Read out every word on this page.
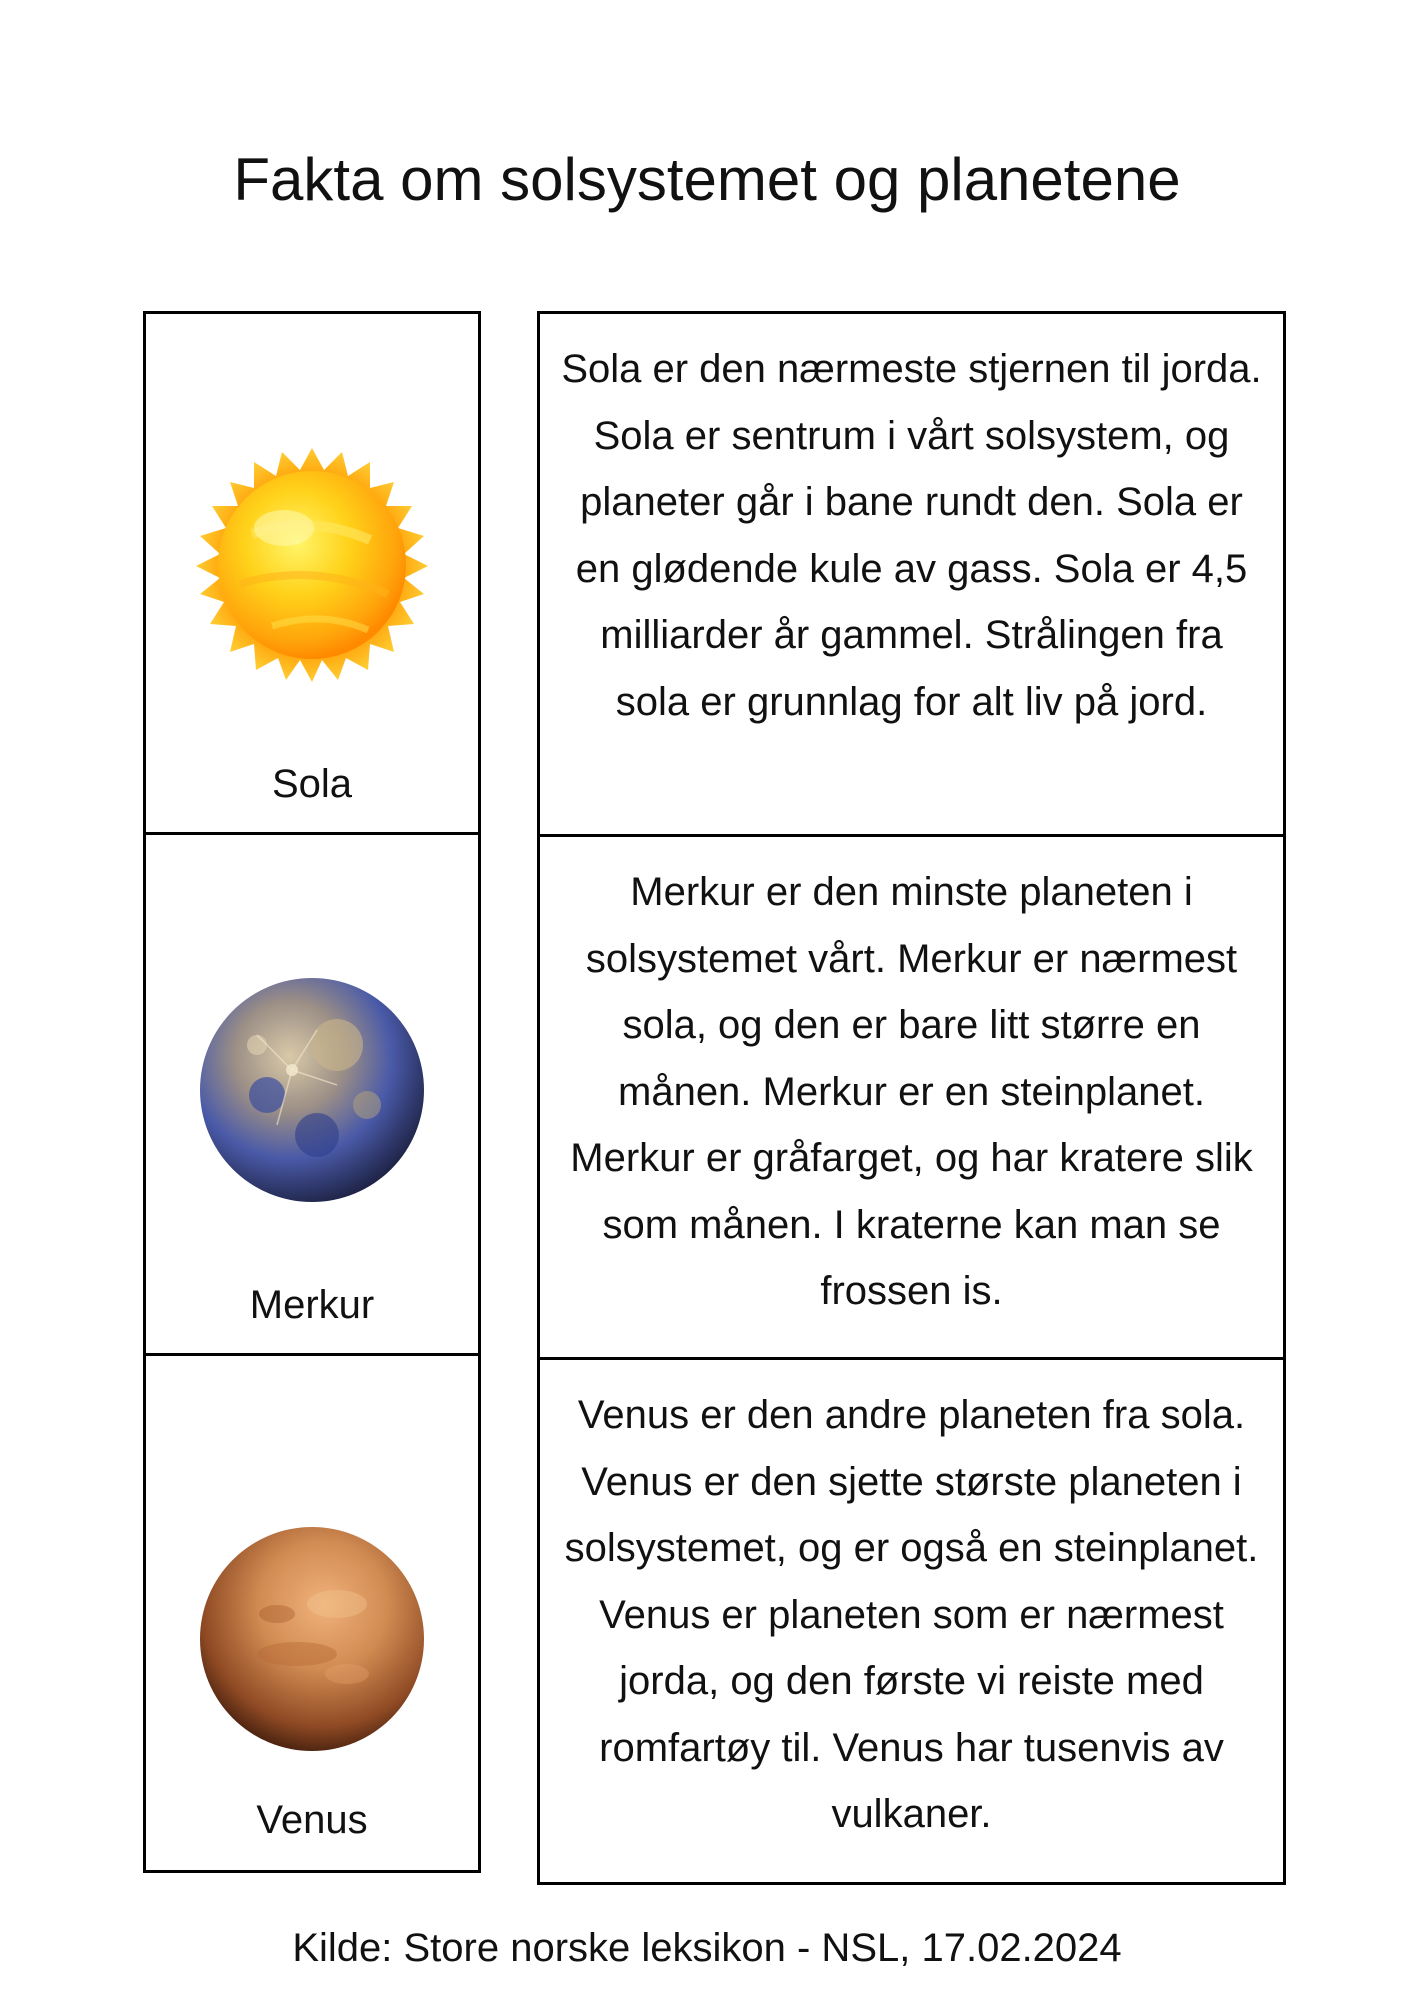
Fakta om solsystemet og planetene
Sola
Merkur
Venus

Sola er den nærmeste stjernen til jorda. Sola er sentrum i vårt solsystem, og planeter går i bane rundt den. Sola er en glødende kule av gass. Sola er 4,5 milliarder år gammel. Strålingen fra sola er grunnlag for alt liv på jord.

Merkur er den minste planeten i solsystemet vårt. Merkur er nærmest sola, og den er bare litt større en månen. Merkur er en steinplanet. Merkur er gråfarget, og har kratere slik som månen. I kraterne kan man se frossen is.

Venus er den andre planeten fra sola. Venus er den sjette største planeten i solsystemet, og er også en steinplanet. Venus er planeten som er nærmest jorda, og den første vi reiste med romfartøy til. Venus har tusenvis av vulkaner.

Kilde: Store norske leksikon - NSL, 17.02.2024
